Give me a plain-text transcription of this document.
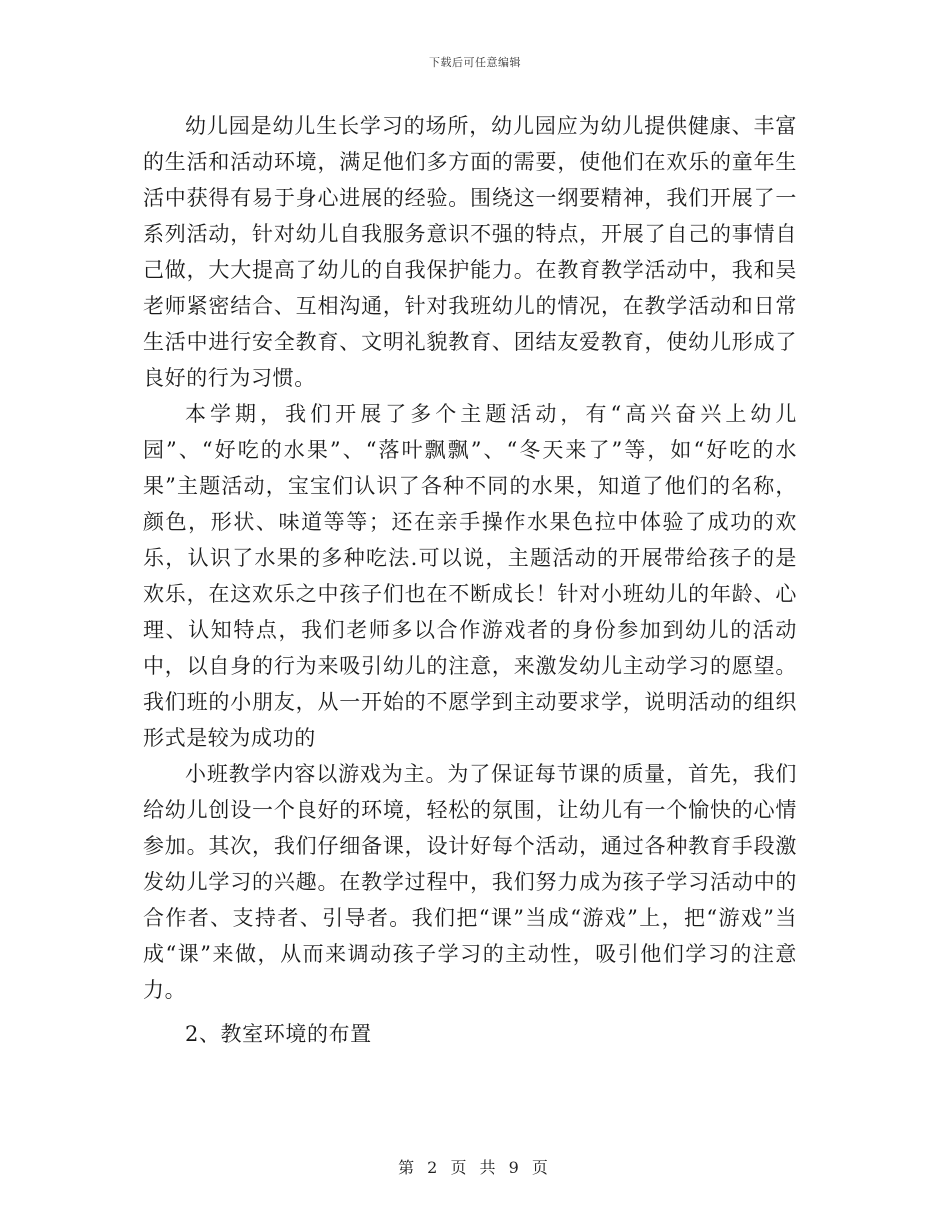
下载后可任意编辑

幼儿园是幼儿生长学习的场所，幼儿园应为幼儿提供健康、丰富的生活和活动环境，满足他们多方面的需要，使他们在欢乐的童年生活中获得有易于身心进展的经验。围绕这一纲要精神，我们开展了一系列活动，针对幼儿自我服务意识不强的特点，开展了自己的事情自己做，大大提高了幼儿的自我保护能力。在教育教学活动中，我和吴老师紧密结合、互相沟通，针对我班幼儿的情况，在教学活动和日常生活中进行安全教育、文明礼貌教育、团结友爱教育，使幼儿形成了良好的行为习惯。

本学期，我们开展了多个主题活动，有“高兴奋兴上幼儿园”、“好吃的水果”、“落叶飘飘”、“冬天来了”等，如“好吃的水果”主题活动，宝宝们认识了各种不同的水果，知道了他们的名称，颜色，形状、味道等等；还在亲手操作水果色拉中体验了成功的欢乐，认识了水果的多种吃法.可以说，主题活动的开展带给孩子的是欢乐，在这欢乐之中孩子们也在不断成长！针对小班幼儿的年龄、心理、认知特点，我们老师多以合作游戏者的身份参加到幼儿的活动中，以自身的行为来吸引幼儿的注意，来激发幼儿主动学习的愿望。我们班的小朋友，从一开始的不愿学到主动要求学，说明活动的组织形式是较为成功的

小班教学内容以游戏为主。为了保证每节课的质量，首先，我们给幼儿创设一个良好的环境，轻松的氛围，让幼儿有一个愉快的心情参加。其次，我们仔细备课，设计好每个活动，通过各种教育手段激发幼儿学习的兴趣。在教学过程中，我们努力成为孩子学习活动中的合作者、支持者、引导者。我们把“课”当成“游戏”上，把“游戏”当成“课”来做，从而来调动孩子学习的主动性，吸引他们学习的注意力。

2、教室环境的布置

第 2 页 共 9 页
